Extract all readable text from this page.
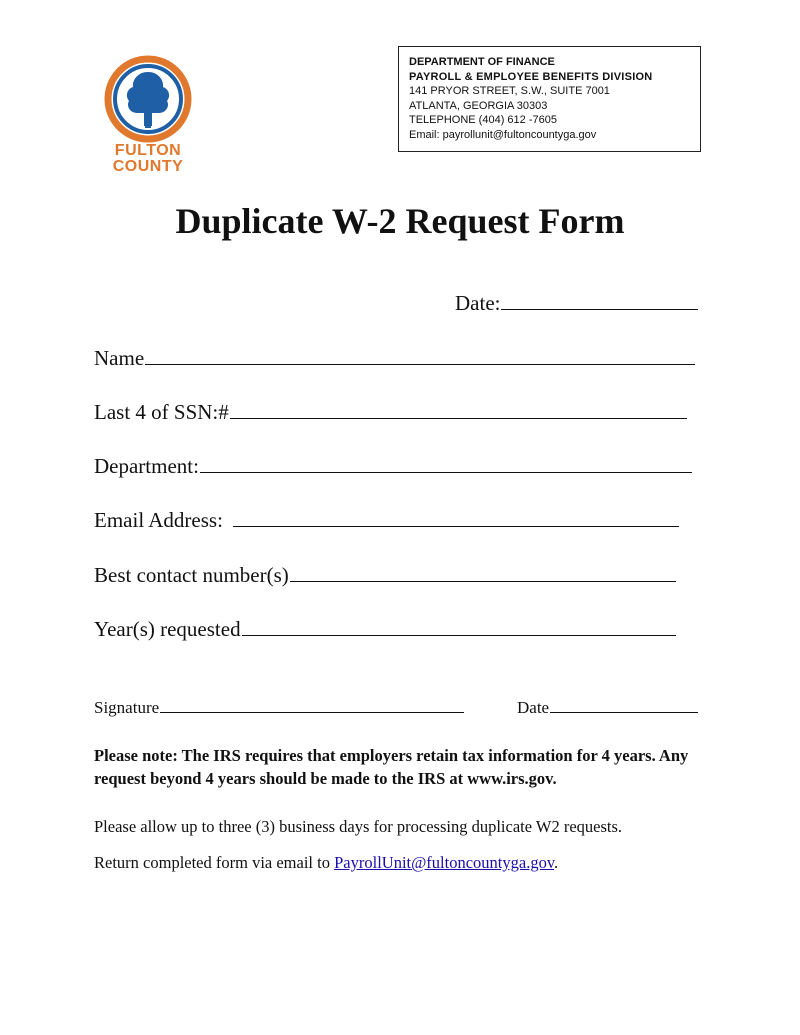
FULTON
COUNTY
DEPARTMENT OF FINANCE
PAYROLL & EMPLOYEE BENEFITS DIVISION
141 PRYOR STREET, S.W., SUITE 7001
ATLANTA, GEORGIA 30303
TELEPHONE (404) 612 -7605
Email: payrollunit@fultoncountyga.gov
Duplicate W-2 Request Form
Date:
Name
Last 4 of SSN:#
Department:
Email Address:
Best contact number(s)
Year(s) requested
Signature	Date
Please note: The IRS requires that employers retain tax information for 4 years. Any request beyond 4 years should be made to the IRS at www.irs.gov.
Please allow up to three (3) business days for processing duplicate W2 requests.
Return completed form via email to PayrollUnit@fultoncountyga.gov.
